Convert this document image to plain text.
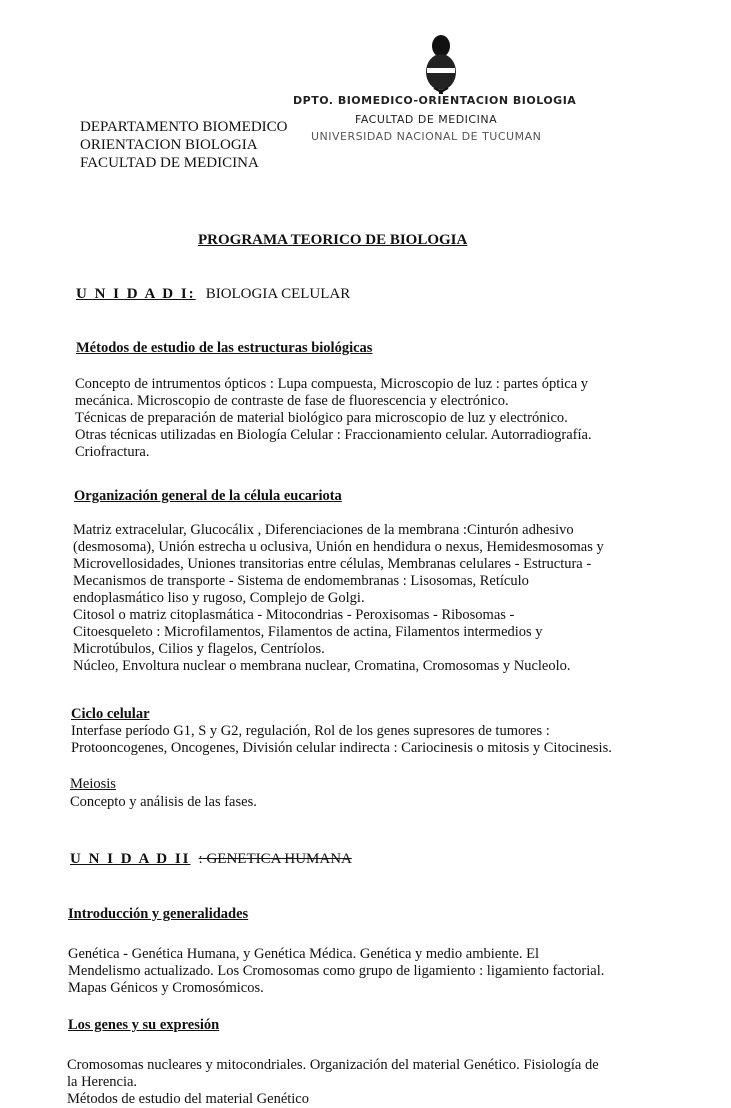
DPTO. BIOMEDICO-ORIENTACION BIOLOGIA
FACULTAD DE MEDICINA
UNIVERSIDAD NACIONAL DE TUCUMAN
DEPARTAMENTO BIOMEDICO
ORIENTACION BIOLOGIA
FACULTAD DE MEDICINA
PROGRAMA TEORICO DE BIOLOGIA
U N I D A D I: BIOLOGIA CELULAR
Métodos de estudio de las estructuras biológicas
Concepto de intrumentos ópticos : Lupa compuesta, Microscopio de luz : partes óptica y
mecánica. Microscopio de contraste de fase de fluorescencia y electrónico.
Técnicas de preparación de material biológico para microscopio de luz y electrónico.
Otras técnicas utilizadas en Biología Celular : Fraccionamiento celular. Autorradiografía.
Criofractura.
Organización general de la célula eucariota
Matriz extracelular, Glucocálix , Diferenciaciones de la membrana :Cinturón adhesivo
(desmosoma), Unión estrecha u oclusiva, Unión en hendidura o nexus, Hemidesmosomas y
Microvellosidades, Uniones transitorias entre células, Membranas celulares - Estructura -
Mecanismos de transporte - Sistema de endomembranas : Lisosomas, Retículo
endoplasmático liso y rugoso, Complejo de Golgi.
Citosol o matriz citoplasmática - Mitocondrias - Peroxisomas - Ribosomas -
Citoesqueleto : Microfilamentos, Filamentos de actina, Filamentos intermedios y
Microtúbulos, Cilios y flagelos, Centríolos.
Núcleo, Envoltura nuclear o membrana nuclear, Cromatina, Cromosomas y Nucleolo.
Ciclo celular
Interfase período G1, S y G2, regulación, Rol de los genes supresores de tumores :
Protooncogenes, Oncogenes, División celular indirecta : Cariocinesis o mitosis y Citocinesis.
Meiosis
Concepto y análisis de las fases.
U N I D A D II : GENETICA HUMANA
Introducción y generalidades
Genética - Genética Humana, y Genética Médica. Genética y medio ambiente. El
Mendelismo actualizado. Los Cromosomas como grupo de ligamiento : ligamiento factorial.
Mapas Génicos y Cromosómicos.
Los genes y su expresión
Cromosomas nucleares y mitocondriales. Organización del material Genético. Fisiología de
la Herencia.
Métodos de estudio del material Genético
